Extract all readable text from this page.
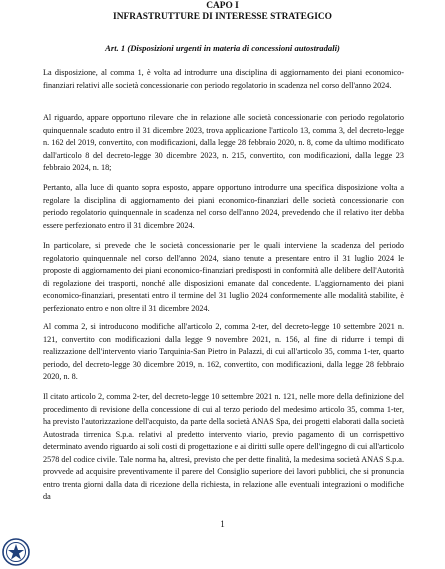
CAPO I
INFRASTRUTTURE DI INTERESSE STRATEGICO
Art. 1 (Disposizioni urgenti in materia di concessioni autostradali)

La disposizione, al comma 1, è volta ad introdurre una disciplina di aggiornamento dei piani economico-finanziari relativi alle società concessionarie con periodo regolatorio in scadenza nel corso dell'anno 2024.

Al riguardo, appare opportuno rilevare che in relazione alle società concessionarie con periodo regolatorio quinquennale scaduto entro il 31 dicembre 2023, trova applicazione l'articolo 13, comma 3, del decreto-legge n. 162 del 2019, convertito, con modificazioni, dalla legge 28 febbraio 2020, n. 8, come da ultimo modificato dall'articolo 8 del decreto-legge 30 dicembre 2023, n. 215, convertito, con modificazioni, dalla legge 23 febbraio 2024, n. 18;

Pertanto, alla luce di quanto sopra esposto, appare opportuno introdurre una specifica disposizione volta a regolare la disciplina di aggiornamento dei piani economico-finanziari delle società concessionarie con periodo regolatorio quinquennale in scadenza nel corso dell'anno 2024, prevedendo che il relativo iter debba essere perfezionato entro il 31 dicembre 2024.

In particolare, si prevede che le società concessionarie per le quali interviene la scadenza del periodo regolatorio quinquennale nel corso dell'anno 2024, siano tenute a presentare entro il 31 luglio 2024 le proposte di aggiornamento dei piani economico-finanziari predisposti in conformità alle delibere dell'Autorità di regolazione dei trasporti, nonché alle disposizioni emanate dal concedente. L'aggiornamento dei piani economico-finanziari, presentati entro il termine del 31 luglio 2024 conformemente alle modalità stabilite, è perfezionato entro e non oltre il 31 dicembre 2024.

Al comma 2, si introducono modifiche all'articolo 2, comma 2-ter, del decreto-legge 10 settembre 2021 n. 121, convertito con modificazioni dalla legge 9 novembre 2021, n. 156, al fine di ridurre i tempi di realizzazione dell'intervento viario Tarquinia-San Pietro in Palazzi, di cui all'articolo 35, comma 1-ter, quarto periodo, del decreto-legge 30 dicembre 2019, n. 162, convertito, con modificazioni, dalla legge 28 febbraio 2020, n. 8.

Il citato articolo 2, comma 2-ter, del decreto-legge 10 settembre 2021 n. 121, nelle more della definizione del procedimento di revisione della concessione di cui al terzo periodo del medesimo articolo 35, comma 1-ter, ha previsto l'autorizzazione dell'acquisto, da parte della società ANAS Spa, dei progetti elaborati dalla società Autostrada tirrenica S.p.a. relativi al predetto intervento viario, previo pagamento di un corrispettivo determinato avendo riguardo ai soli costi di progettazione e ai diritti sulle opere dell'ingegno di cui all'articolo 2578 del codice civile. Tale norma ha, altresì, previsto che per dette finalità, la medesima società ANAS S.p.a. provvede ad acquisire preventivamente il parere del Consiglio superiore dei lavori pubblici, che si pronuncia entro trenta giorni dalla data di ricezione della richiesta, in relazione alle eventuali integrazioni o modifiche da

1
